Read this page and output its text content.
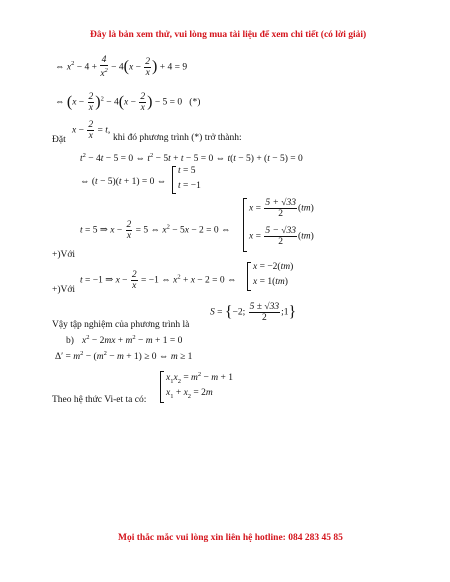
Đây là bản xem thử, vui lòng mua tài liệu để xem chi tiết (có lời giải)
⇔ $x^2 - 4 + \frac{4}{x^2} - 4(x - \frac{2}{x}$ ) + 4 = 9
⇔ $(x - \frac{2}{x} )^2 - 4(x - \frac{2}{x}$ ) − 5 = 0   (*)
$x - \frac{2}{x} = t$,
Đặt	khi đó phương trình (*) trở thành:
$t^2 - 4t - 5 = 0$ ⇔ $t^2 - 5t + t - 5 = 0$ ⇔ t(t − 5) + (t − 5) = 0
⇔ (t − 5)(t + 1) = 0 ⇔
t = 5
t = −1
t = 5 ⇒ $x - \frac{2}{x} = 5$ ⇔ $x^2 - 5x - 2 = 0$ ⇔
$x = \frac{5 + √33}{2} (tm)$
$x = \frac{5 - √33}{2} (tm)$
+)Với
t = −1 ⇒ $x - \frac{2}{x} = -1$ ⇔ $x^2 + x - 2 = 0$ ⇔
x = −2(tm)
x = 1(tm)
+)Với
S = {−2; $\frac{5 \pm √33}{2}$ ;1}
Vậy tập nghiệm của phương trình là
b) $x^2 - 2mx + m^2 - m + 1 = 0$
$\Delta' = m^2 - (m^2 - m + 1) \ge 0$ ⇔ m ≥ 1
$x_1x_2 = m^2 - m + 1$
$x_1 + x_2 = 2m$
Theo hệ thức Vi-et ta có:
Mọi thắc mắc vui lòng xin liên hệ hotline: 084 283 45 85
